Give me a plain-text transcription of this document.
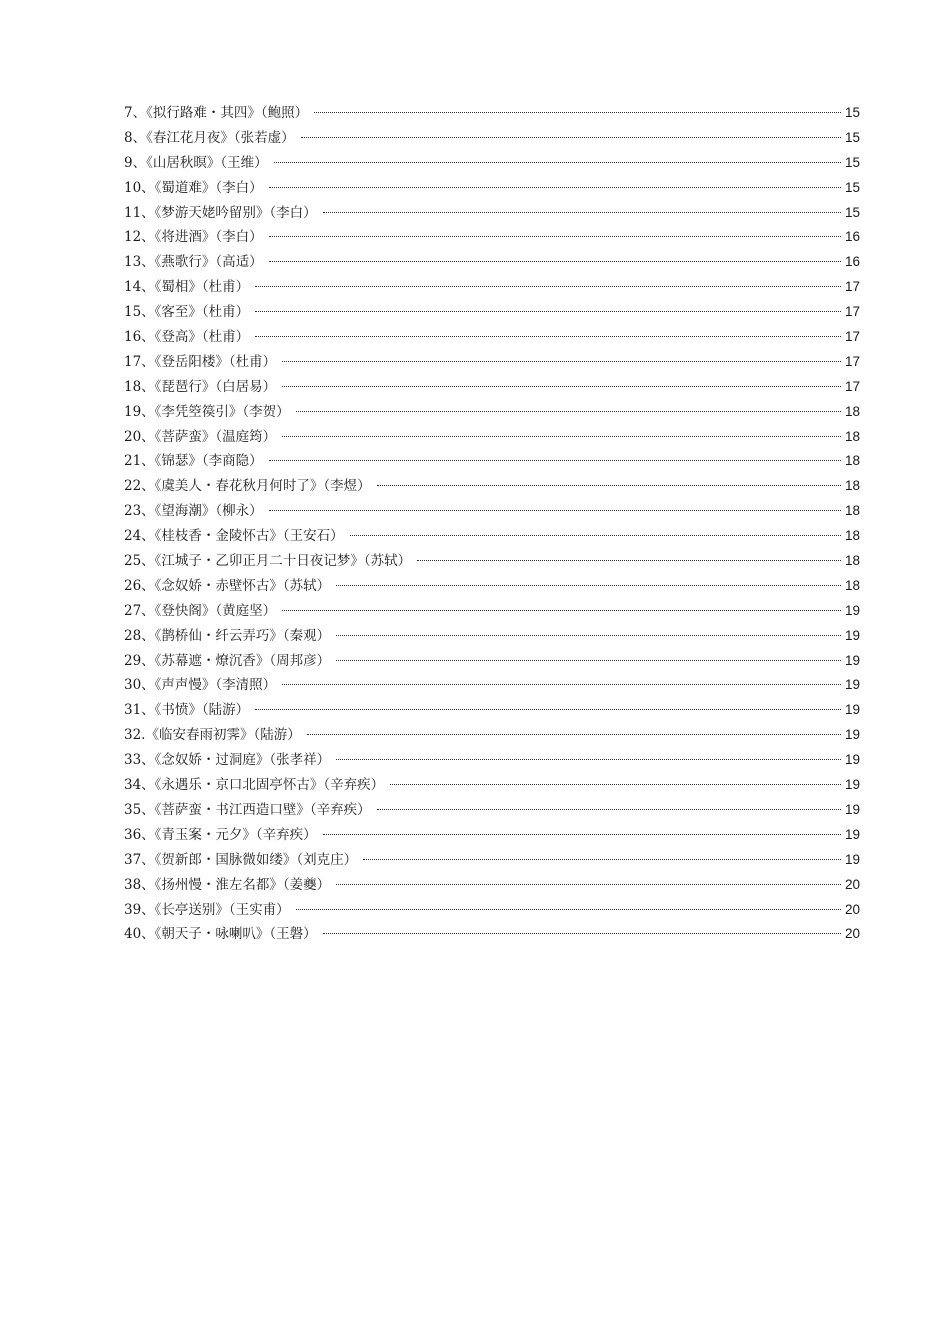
7、《拟行路难・其四》（鲍照）	15
8、《春江花月夜》（张若虚）	15
9、《山居秋暝》（王维）	15
10、《蜀道难》（李白）	15
11、《梦游天姥吟留别》（李白）	15
12、《将进酒》（李白）	16
13、《燕歌行》（高适）	16
14、《蜀相》（杜甫）	17
15、《客至》（杜甫）	17
16、《登高》（杜甫）	17
17、《登岳阳楼》（杜甫）	17
18、《琵琶行》（白居易）	17
19、《李凭箜篌引》（李贺）	18
20、《菩萨蛮》（温庭筠）	18
21、《锦瑟》（李商隐）	18
22、《虞美人・春花秋月何时了》（李煜）	18
23、《望海潮》（柳永）	18
24、《桂枝香・金陵怀古》（王安石）	18
25、《江城子・乙卯正月二十日夜记梦》（苏轼）	18
26、《念奴娇・赤壁怀古》（苏轼）	18
27、《登快阁》（黄庭坚）	19
28、《鹊桥仙・纤云弄巧》（秦观）	19
29、《苏幕遮・燎沉香》（周邦彦）	19
30、《声声慢》（李清照）	19
31、《书愤》（陆游）	19
32.《临安春雨初霁》（陆游）	19
33、《念奴娇・过洞庭》（张孝祥）	19
34、《永遇乐・京口北固亭怀古》（辛弃疾）	19
35、《菩萨蛮・书江西造口壁》（辛弃疾）	19
36、《青玉案・元夕》（辛弃疾）	19
37、《贺新郎・国脉微如缕》（刘克庄）	19
38、《扬州慢・淮左名都》（姜夔）	20
39、《长亭送别》（王实甫）	20
40、《朝天子・咏喇叭》（王磐）	20
